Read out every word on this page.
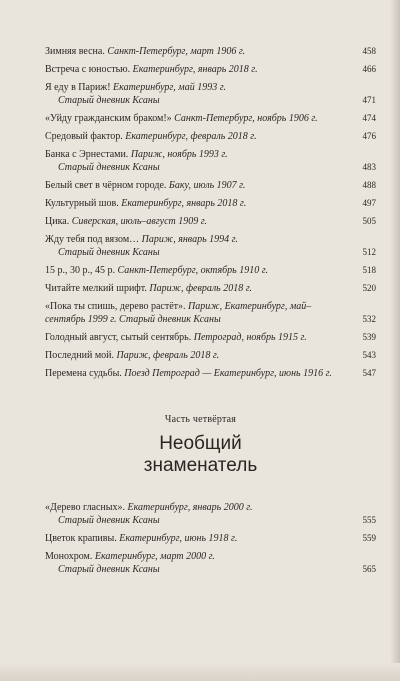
Зимняя весна. Санкт-Петербург, март 1906 г.	458
Встреча с юностью. Екатеринбург, январь 2018 г.	466
Я еду в Париж! Екатеринбург, май 1993 г.
Старый дневник Ксаны	471
«Уйду гражданским браком!» Санкт-Петербург, ноябрь 1906 г.	474
Средовый фактор. Екатеринбург, февраль 2018 г.	476
Банка с Эрнестами. Париж, ноябрь 1993 г.
Старый дневник Ксаны	483
Белый свет в чёрном городе. Баку, июль 1907 г.	488
Культурный шов. Екатеринбург, январь 2018 г.	497
Цика. Сиверская, июль–август 1909 г.	505
Жду тебя под вязом… Париж, январь 1994 г.
Старый дневник Ксаны	512
15 р., 30 р., 45 р. Санкт-Петербург, октябрь 1910 г.	518
Читайте мелкий шрифт. Париж, февраль 2018 г.	520
«Пока ты спишь, дерево растёт». Париж, Екатеринбург, май–сентябрь 1999 г. Старый дневник Ксаны	532
Голодный август, сытый сентябрь. Петроград, ноябрь 1915 г.	539
Последний мой. Париж, февраль 2018 г.	543
Перемена судьбы. Поезд Петроград — Екатеринбург, июнь 1916 г.	547
Часть четвёртая
Необщий
знаменатель
«Дерево гласных». Екатеринбург, январь 2000 г.
Старый дневник Ксаны	555
Цветок крапивы. Екатеринбург, июнь 1918 г.	559
Монохром. Екатеринбург, март 2000 г.
Старый дневник Ксаны	565
